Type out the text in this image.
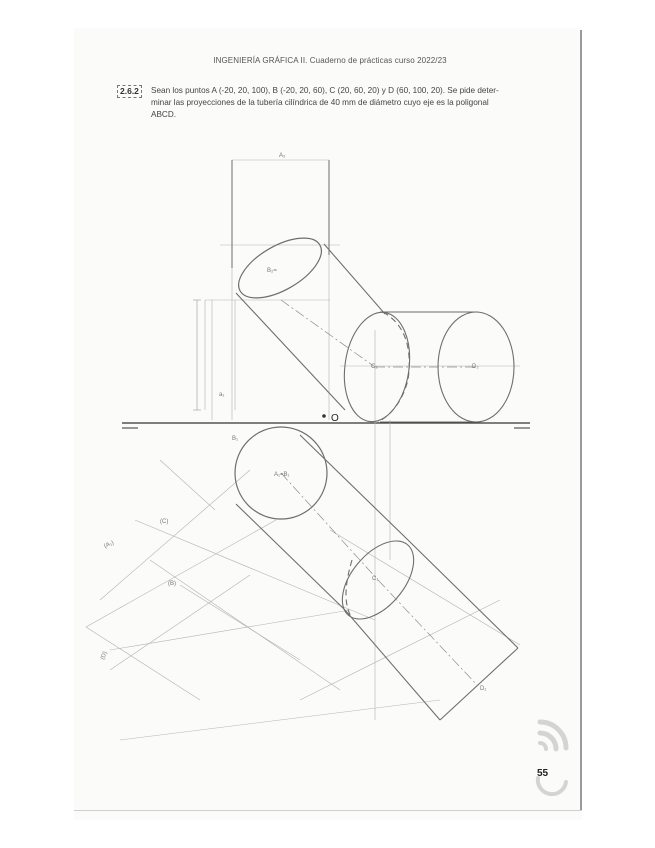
INGENIERÍA GRÁFICA II. Cuaderno de prácticas curso 2022/23
2.6.2	Sean los puntos A (-20, 20, 100), B (-20, 20, 60), C (20, 60, 20) y D (60, 100, 20). Se pide deter-
minar las proyecciones de la tubería cilíndrica de 40 mm de diámetro cuyo eje es la poligonal
ABCD.
O
A₂
B₂=
C₂	D₂
a₁
B₁
A₁=B₁
C₁
D₁
(A₁)
(B)
(C)
(D)
55
